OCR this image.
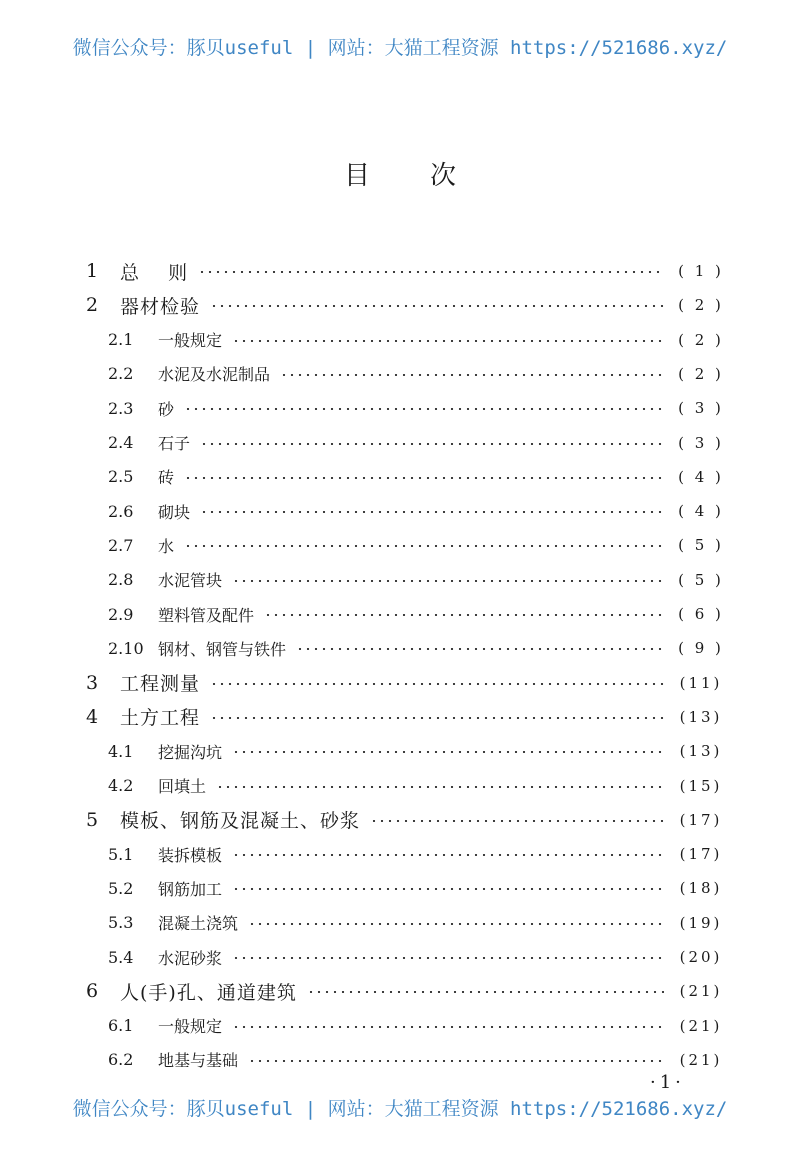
微信公众号：豚贝useful | 网站：大猫工程资源 https://521686.xyz/
目次
1 总    则	( 1 )
2 器材检验	( 2 )
2.1 一般规定	( 2 )
2.2 水泥及水泥制品	( 2 )
2.3 砂	( 3 )
2.4 石子	( 3 )
2.5 砖	( 4 )
2.6 砌块	( 4 )
2.7 水	( 5 )
2.8 水泥管块	( 5 )
2.9 塑料管及配件	( 6 )
2.10 钢材、钢管与铁件	( 9 )
3 工程测量	(11)
4 土方工程	(13)
4.1 挖掘沟坑	(13)
4.2 回填土	(15)
5 模板、钢筋及混凝土、砂浆	(17)
5.1 装拆模板	(17)
5.2 钢筋加工	(18)
5.3 混凝土浇筑	(19)
5.4 水泥砂浆	(20)
6 人(手)孔、通道建筑	(21)
6.1 一般规定	(21)
6.2 地基与基础	(21)
·1·
微信公众号：豚贝useful | 网站：大猫工程资源 https://521686.xyz/
